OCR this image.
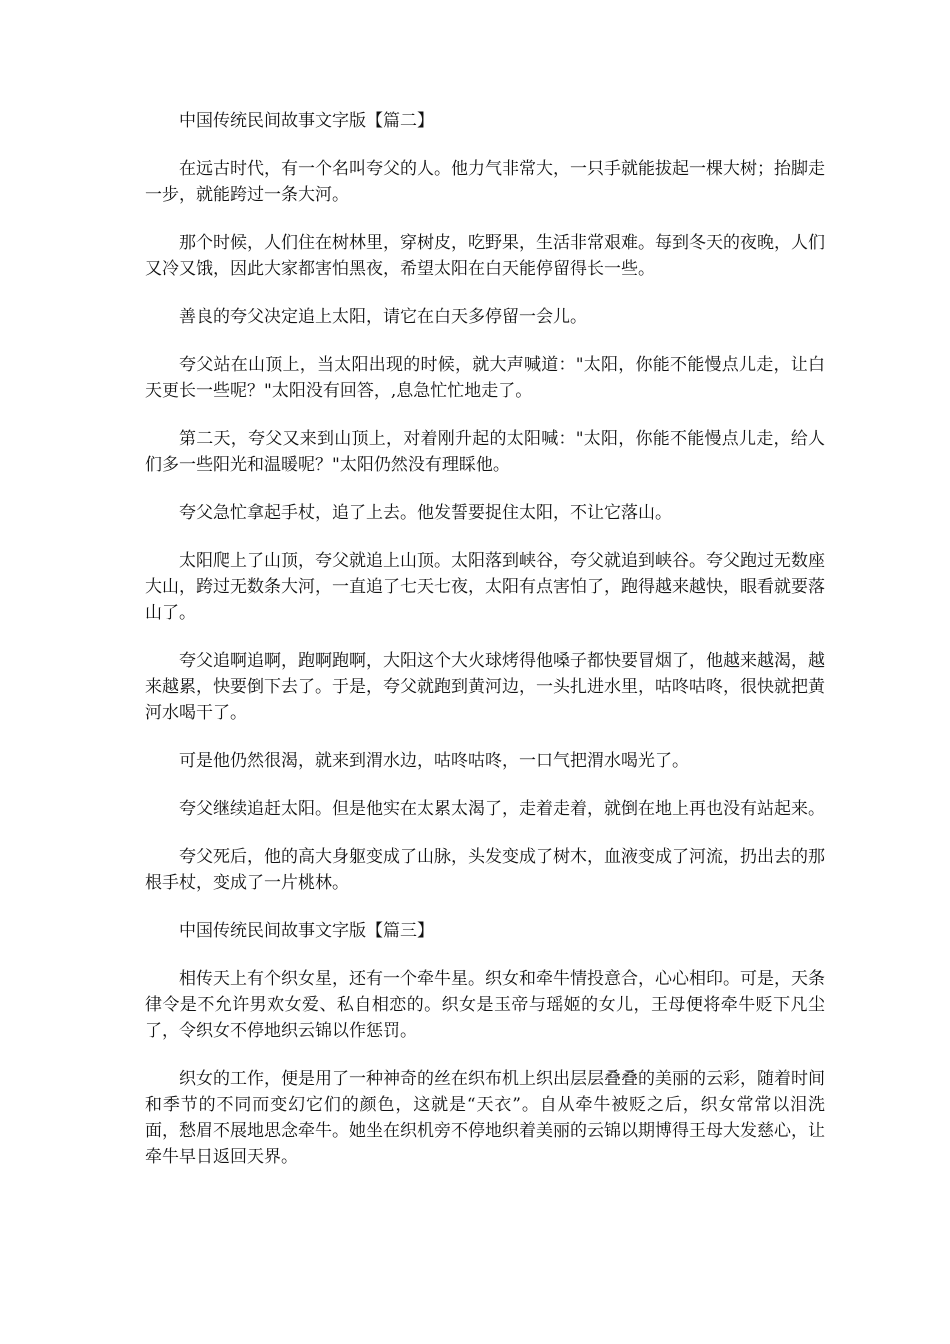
中国传统民间故事文字版【篇二】

在远古时代，有一个名叫夸父的人。他力气非常大，一只手就能拔起一棵大树；抬脚走一步，就能跨过一条大河。

那个时候，人们住在树林里，穿树皮，吃野果，生活非常艰难。每到冬天的夜晚，人们又冷又饿，因此大家都害怕黑夜，希望太阳在白天能停留得长一些。

善良的夸父决定追上太阳，请它在白天多停留一会儿。

夸父站在山顶上，当太阳出现的时候，就大声喊道："太阳，你能不能慢点儿走，让白天更长一些呢？"太阳没有回答，,息急忙忙地走了。

第二天，夸父又来到山顶上，对着刚升起的太阳喊："太阳，你能不能慢点儿走，给人们多一些阳光和温暖呢？"太阳仍然没有理睬他。

夸父急忙拿起手杖，追了上去。他发誓要捉住太阳，不让它落山。

太阳爬上了山顶，夸父就追上山顶。太阳落到峡谷，夸父就追到峡谷。夸父跑过无数座大山，跨过无数条大河，一直追了七天七夜，太阳有点害怕了，跑得越来越快，眼看就要落山了。

夸父追啊追啊，跑啊跑啊，大阳这个大火球烤得他嗓子都快要冒烟了，他越来越渴，越来越累，快要倒下去了。于是，夸父就跑到黄河边，一头扎进水里，咕咚咕咚，很快就把黄河水喝干了。

可是他仍然很渴，就来到渭水边，咕咚咕咚，一口气把渭水喝光了。

夸父继续追赶太阳。但是他实在太累太渴了，走着走着，就倒在地上再也没有站起来。

夸父死后，他的高大身躯变成了山脉，头发变成了树木，血液变成了河流，扔出去的那根手杖，变成了一片桃林。

中国传统民间故事文字版【篇三】

相传天上有个织女星，还有一个牵牛星。织女和牵牛情投意合，心心相印。可是，天条律令是不允许男欢女爱、私自相恋的。织女是玉帝与瑶姬的女儿，王母便将牵牛贬下凡尘了，令织女不停地织云锦以作惩罚。

织女的工作，便是用了一种神奇的丝在织布机上织出层层叠叠的美丽的云彩，随着时间和季节的不同而变幻它们的颜色，这就是“天衣”。自从牵牛被贬之后，织女常常以泪洗面，愁眉不展地思念牵牛。她坐在织机旁不停地织着美丽的云锦以期博得王母大发慈心，让牵牛早日返回天界。
